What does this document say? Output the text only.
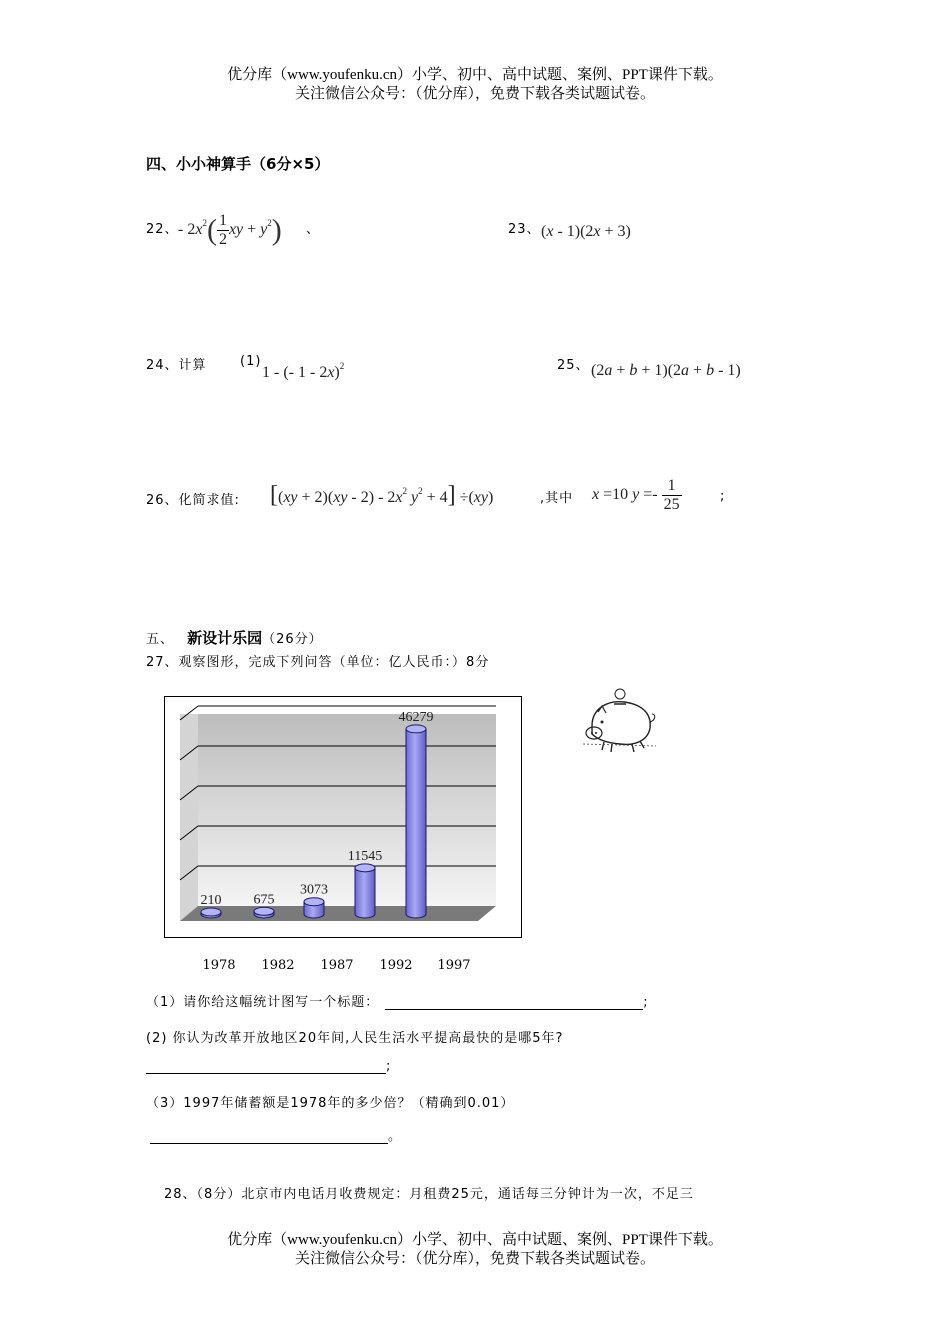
优分库（www.youfenku.cn）小学、初中、高中试题、案例、PPT课件下载。
关注微信公众号：（优分库），免费下载各类试题试卷。
四、小小神算手（6分×5）
22、 - $2x^2( \frac{1}{2}$ xy + $y^2$) 、	23、 (x - 1)(2x + 3)
24、计算	(1)
1 - (- 1 - 2x)$^2$	25、 (2a + b + 1)(2a + b - 1)
26、化简求值: [$(xy + 2)(xy - 2) - 2x^2$ $y^2 + 4] \div(xy)$	,其中 x =10 $y =- \frac{1}{25}$	;
五、 新设计乐园（26分）
27、观察图形，完成下列问答（单位：亿人民币：）8分
210 675
3073
11545
46279
1978 1982 1987 1992 1997
（1）请你给这幅统计图写一个标题：	;
(2) 你认为改革开放地区20年间,人民生活水平提高最快的是哪5年?
;
（3）1997年储蓄额是1978年的多少倍？（精确到0.01）
。
28、（8分）北京市内电话月收费规定：月租费25元，通话每三分钟计为一次，不足三
优分库（www.youfenku.cn）小学、初中、高中试题、案例、PPT课件下载。
关注微信公众号：（优分库），免费下载各类试题试卷。
